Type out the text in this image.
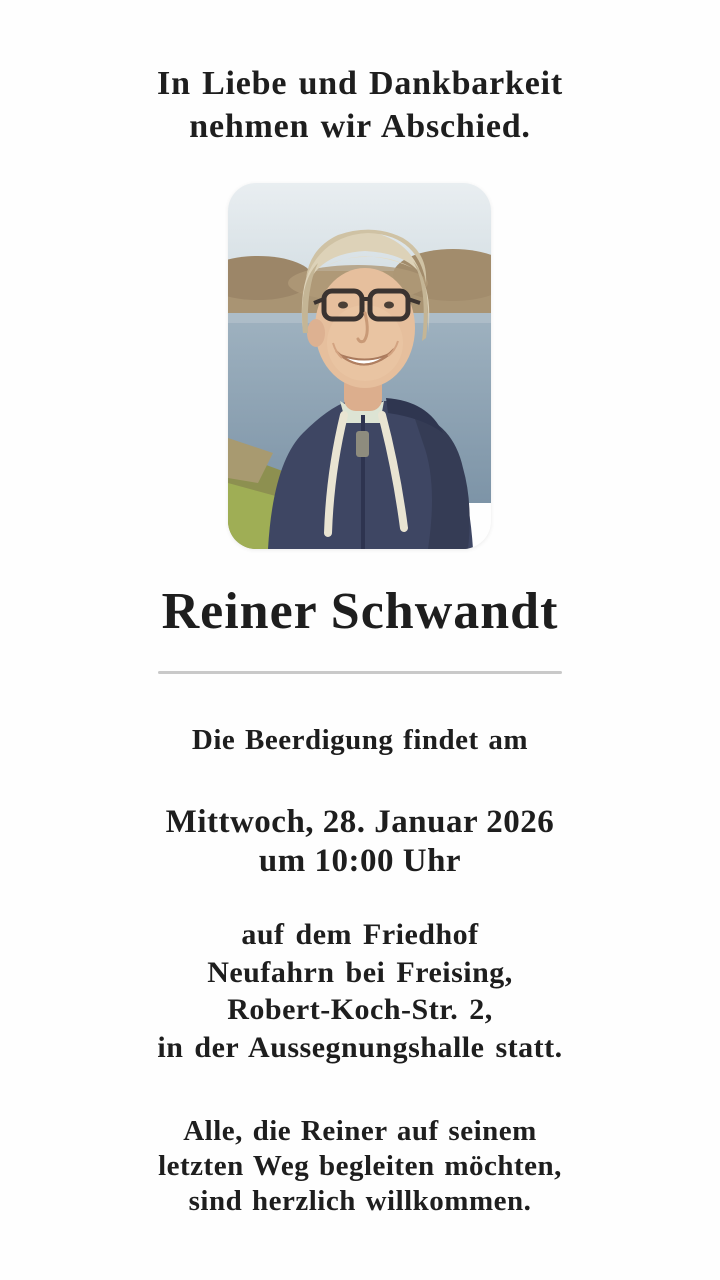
In Liebe und Dankbarkeit
nehmen wir Abschied.
Reiner Schwandt
Die Beerdigung findet am
Mittwoch, 28. Januar 2026
um 10:00 Uhr
auf dem Friedhof
Neufahrn bei Freising,
Robert-Koch-Str. 2,
in der Aussegnungshalle statt.
Alle, die Reiner auf seinem
letzten Weg begleiten möchten,
sind herzlich willkommen.
